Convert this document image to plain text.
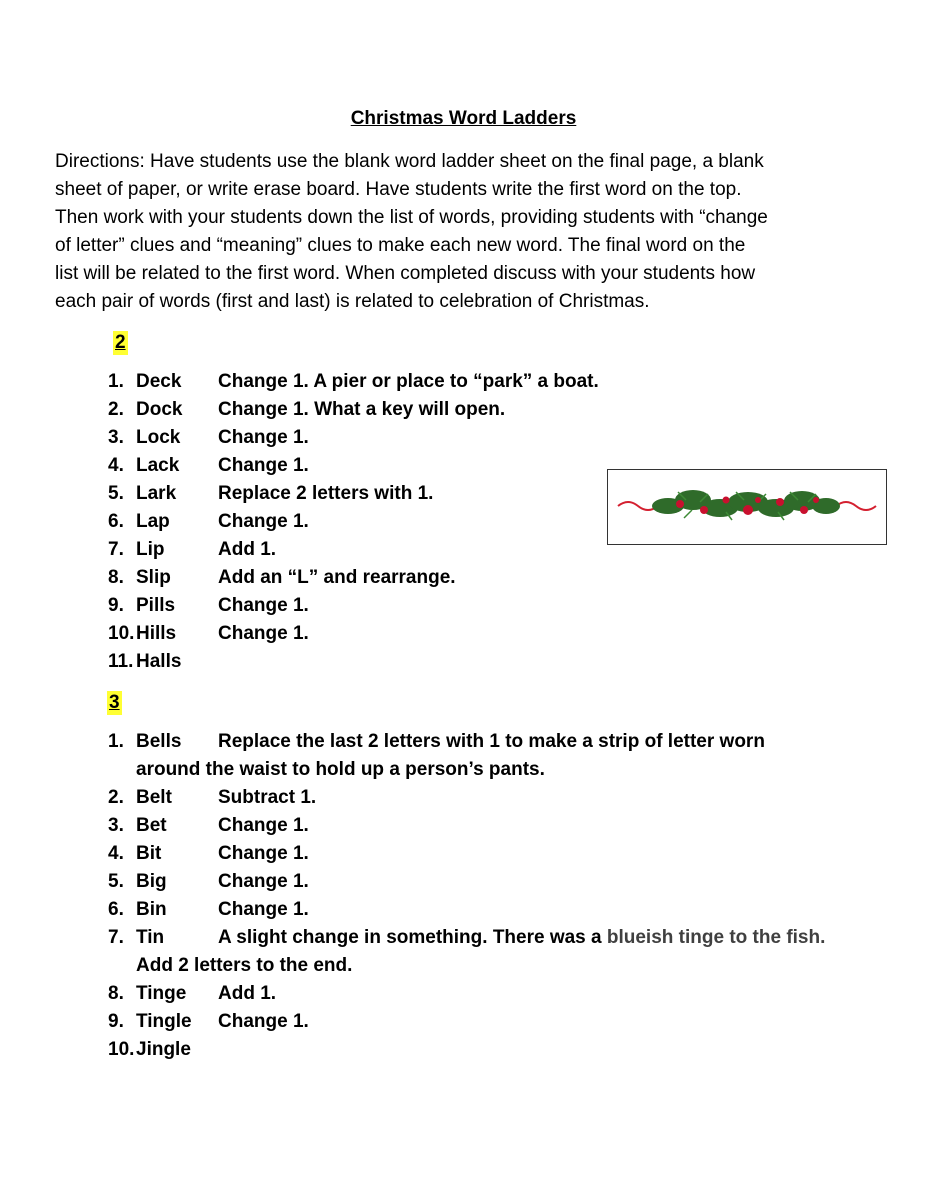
Christmas Word Ladders
Directions: Have students use the blank word ladder sheet on the final page, a blank
sheet of paper, or write erase board. Have students write the first word on the top.
Then work with your students down the list of words, providing students with “change
of letter” clues and “meaning” clues to make each new word. The final word on the
list will be related to the first word. When completed discuss with your students how
each pair of words (first and last) is related to celebration of Christmas.
2
1. Deck Change 1. A pier or place to “park” a boat.
2. Dock Change 1. What a key will open.
3. Lock Change 1.
4. Lack Change 1.
5. Lark Replace 2 letters with 1.
6. Lap	Change 1.
7. Lip	Add 1.
8. Slip Add an “L” and rearrange.
9. Pills Change 1.
10. Hills Change 1.
11. Halls
3
1. Bells Replace the last 2 letters with 1 to make a strip of letter worn
around the waist to hold up a person’s pants.
2. Belt Subtract 1.
3. Bet	Change 1.
4. Bit	Change 1.
5. Big	Change 1.
6. Bin	Change 1.
7. Tin	A slight change in something. There was a blueish tinge to the fish.
Add 2 letters to the end.
8. Tinge Add 1.
9. Tingle Change 1.
10. Jingle
